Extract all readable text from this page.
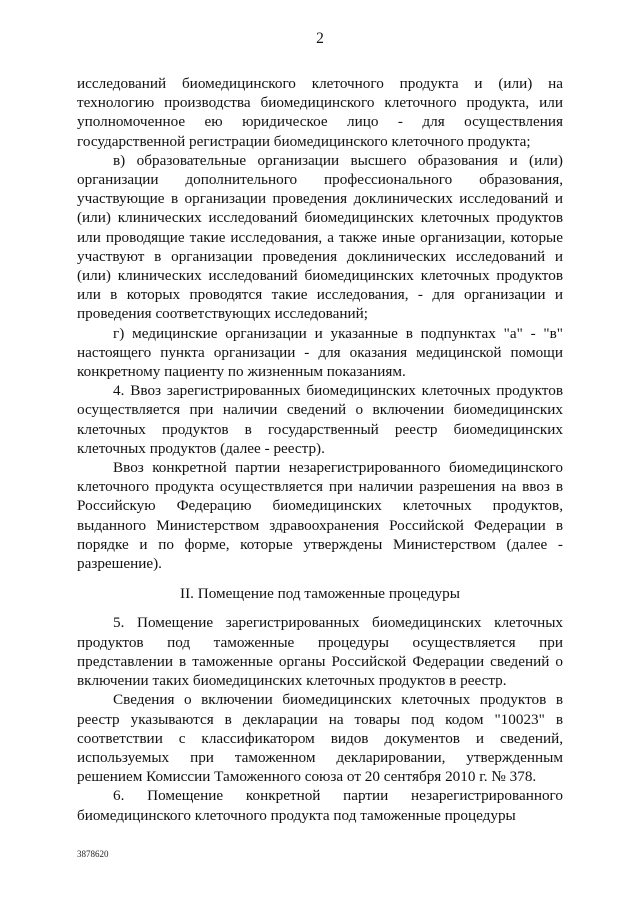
2

исследований биомедицинского клеточного продукта и (или) на технологию производства биомедицинского клеточного продукта, или уполномоченное ею юридическое лицо - для осуществления государственной регистрации биомедицинского клеточного продукта;

в) образовательные организации высшего образования и (или) организации дополнительного профессионального образования, участвующие в организации проведения доклинических исследований и (или) клинических исследований биомедицинских клеточных продуктов или проводящие такие исследования, а также иные организации, которые участвуют в организации проведения доклинических исследований и (или) клинических исследований биомедицинских клеточных продуктов или в которых проводятся такие исследования, - для организации и проведения соответствующих исследований;

г) медицинские организации и указанные в подпунктах "а" - "в" настоящего пункта организации - для оказания медицинской помощи конкретному пациенту по жизненным показаниям.

4. Ввоз зарегистрированных биомедицинских клеточных продуктов осуществляется при наличии сведений о включении биомедицинских клеточных продуктов в государственный реестр биомедицинских клеточных продуктов (далее - реестр).

Ввоз конкретной партии незарегистрированного биомедицинского клеточного продукта осуществляется при наличии разрешения на ввоз в Российскую Федерацию биомедицинских клеточных продуктов, выданного Министерством здравоохранения Российской Федерации в порядке и по форме, которые утверждены Министерством (далее - разрешение).

II. Помещение под таможенные процедуры

5. Помещение зарегистрированных биомедицинских клеточных продуктов под таможенные процедуры осуществляется при представлении в таможенные органы Российской Федерации сведений о включении таких биомедицинских клеточных продуктов в реестр.

Сведения о включении биомедицинских клеточных продуктов в реестр указываются в декларации на товары под кодом "10023" в соответствии с классификатором видов документов и сведений, используемых при таможенном декларировании, утвержденным решением Комиссии Таможенного союза от 20 сентября 2010 г. № 378.

6. Помещение конкретной партии незарегистрированного биомедицинского клеточного продукта под таможенные процедуры

3878620
